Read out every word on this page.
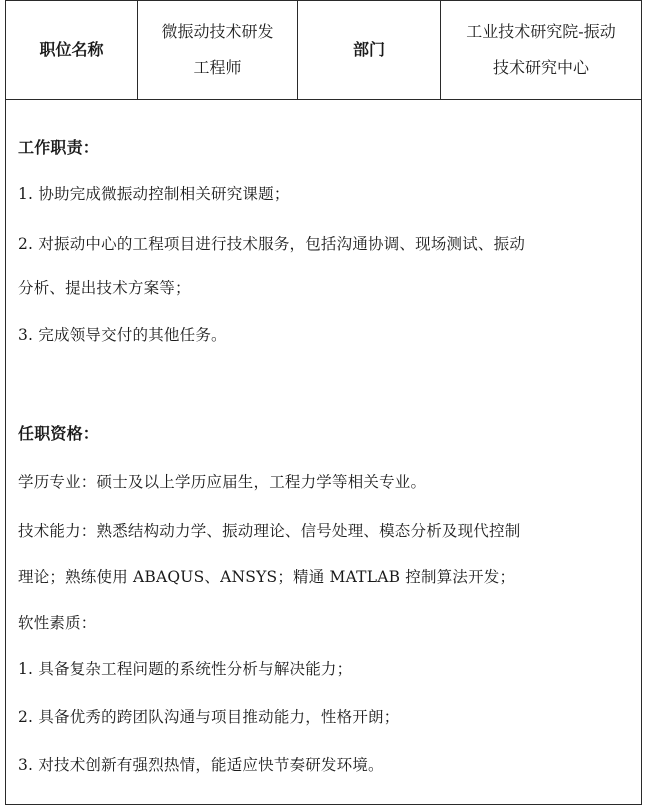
职位名称
微振动技术研发
工程师
部门
工业技术研究院-振动
技术研究中心
工作职责：
1. 协助完成微振动控制相关研究课题；
2. 对振动中心的工程项目进行技术服务，包括沟通协调、现场测试、振动
分析、提出技术方案等；
3. 完成领导交付的其他任务。
任职资格：
学历专业：硕士及以上学历应届生，工程力学等相关专业。
技术能力：熟悉结构动力学、振动理论、信号处理、模态分析及现代控制
理论；熟练使用 ABAQUS、ANSYS；精通 MATLAB 控制算法开发；
软性素质：
1. 具备复杂工程问题的系统性分析与解决能力；
2. 具备优秀的跨团队沟通与项目推动能力，性格开朗；
3. 对技术创新有强烈热情，能适应快节奏研发环境。
